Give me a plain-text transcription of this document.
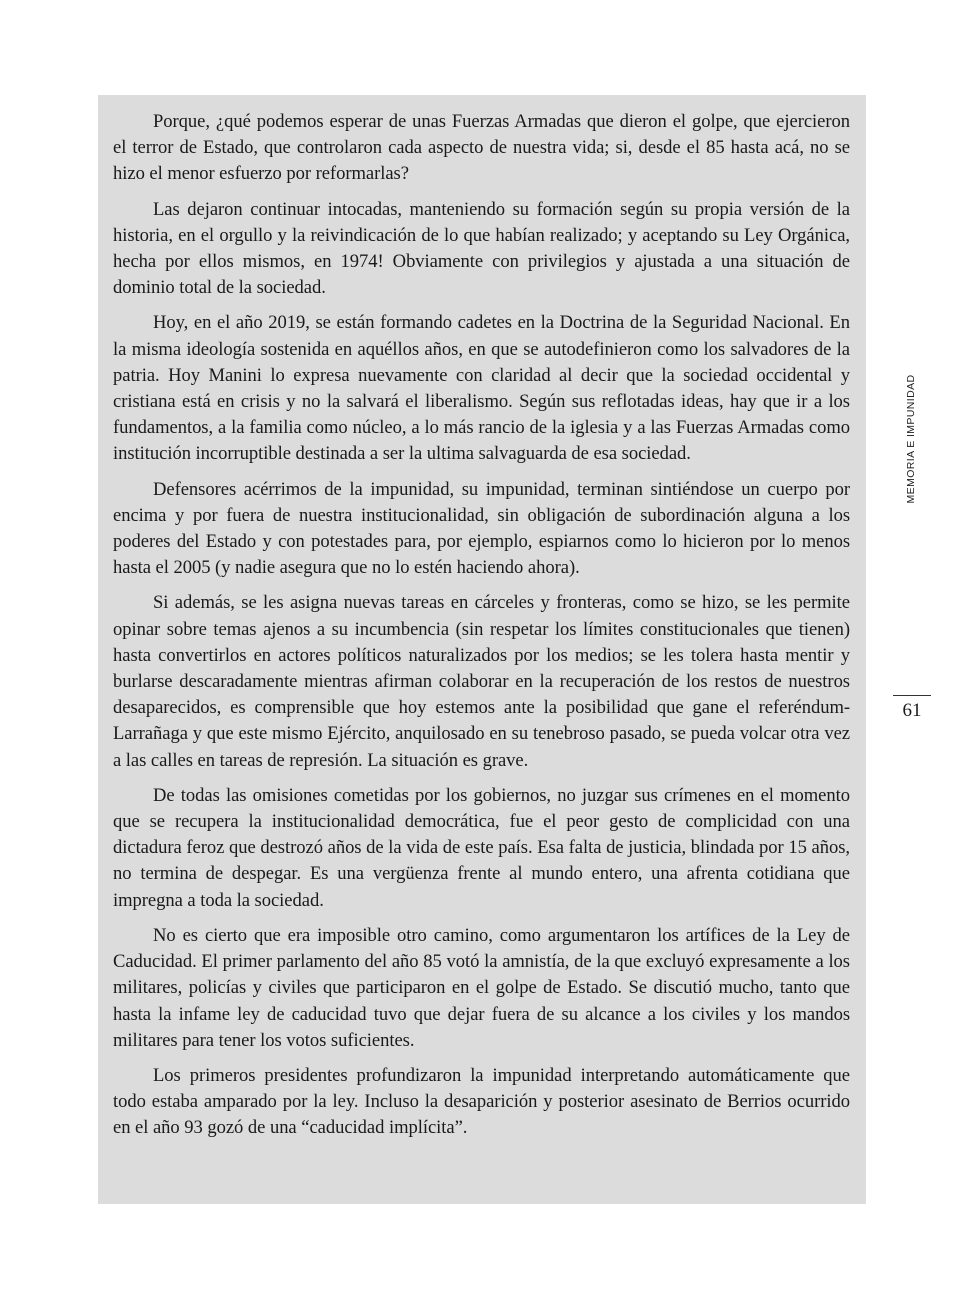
Porque, ¿qué podemos esperar de unas Fuerzas Armadas que dieron el golpe, que ejercieron el terror de Estado, que controlaron cada aspecto de nuestra vida; si, desde el 85 hasta acá, no se hizo el menor esfuerzo por reformarlas?

Las dejaron continuar intocadas, manteniendo su formación según su propia versión de la historia, en el orgullo y la reivindicación de lo que habían realizado; y aceptando su Ley Orgánica, hecha por ellos mismos, en 1974! Obviamente con privilegios y ajustada a una situación de dominio total de la sociedad.

Hoy, en el año 2019, se están formando cadetes en la Doctrina de la Seguridad Nacional. En la misma ideología sostenida en aquéllos años, en que se autodefinieron como los salvadores de la patria. Hoy Manini lo expresa nuevamente con claridad al decir que la sociedad occidental y cristiana está en crisis y no la salvará el liberalismo. Según sus reflotadas ideas, hay que ir a los fundamentos, a la familia como núcleo, a lo más rancio de la iglesia y a las Fuerzas Armadas como institución incorruptible destinada a ser la ultima salvaguarda de esa sociedad.

Defensores acérrimos de la impunidad, su impunidad, terminan sintiéndose un cuerpo por encima y por fuera de nuestra institucionalidad, sin obligación de subordinación alguna a los poderes del Estado y con potestades para, por ejemplo, espiarnos como lo hicieron por lo menos hasta el 2005 (y nadie asegura que no lo estén haciendo ahora).

Si además, se les asigna nuevas tareas en cárceles y fronteras, como se hizo, se les permite opinar sobre temas ajenos a su incumbencia (sin respetar los límites constitucionales que tienen) hasta convertirlos en actores políticos naturalizados por los medios; se les tolera hasta mentir y burlarse descaradamente mientras afirman colaborar en la recuperación de los restos de nuestros desaparecidos, es comprensible que hoy estemos ante la posibilidad que gane el referéndum-Larrañaga y que este mismo Ejército, anquilosado en su tenebroso pasado, se pueda volcar otra vez a las calles en tareas de represión. La situación es grave.

De todas las omisiones cometidas por los gobiernos, no juzgar sus crímenes en el momento que se recupera la institucionalidad democrática, fue el peor gesto de complicidad con una dictadura feroz que destrozó años de la vida de este país. Esa falta de justicia, blindada por 15 años, no termina de despegar. Es una vergüenza frente al mundo entero, una afrenta cotidiana que impregna a toda la sociedad.

No es cierto que era imposible otro camino, como argumentaron los artífices de la Ley de Caducidad. El primer parlamento del año 85 votó la amnistía, de la que excluyó expresamente a los militares, policías y civiles que participaron en el golpe de Estado. Se discutió mucho, tanto que hasta la infame ley de caducidad tuvo que dejar fuera de su alcance a los civiles y los mandos militares para tener los votos suficientes.

Los primeros presidentes profundizaron la impunidad interpretando automáticamente que todo estaba amparado por la ley. Incluso la desaparición y posterior asesinato de Berrios ocurrido en el año 93 gozó de una “caducidad implícita”.

MEMORIA E IMPUNIDAD
61
